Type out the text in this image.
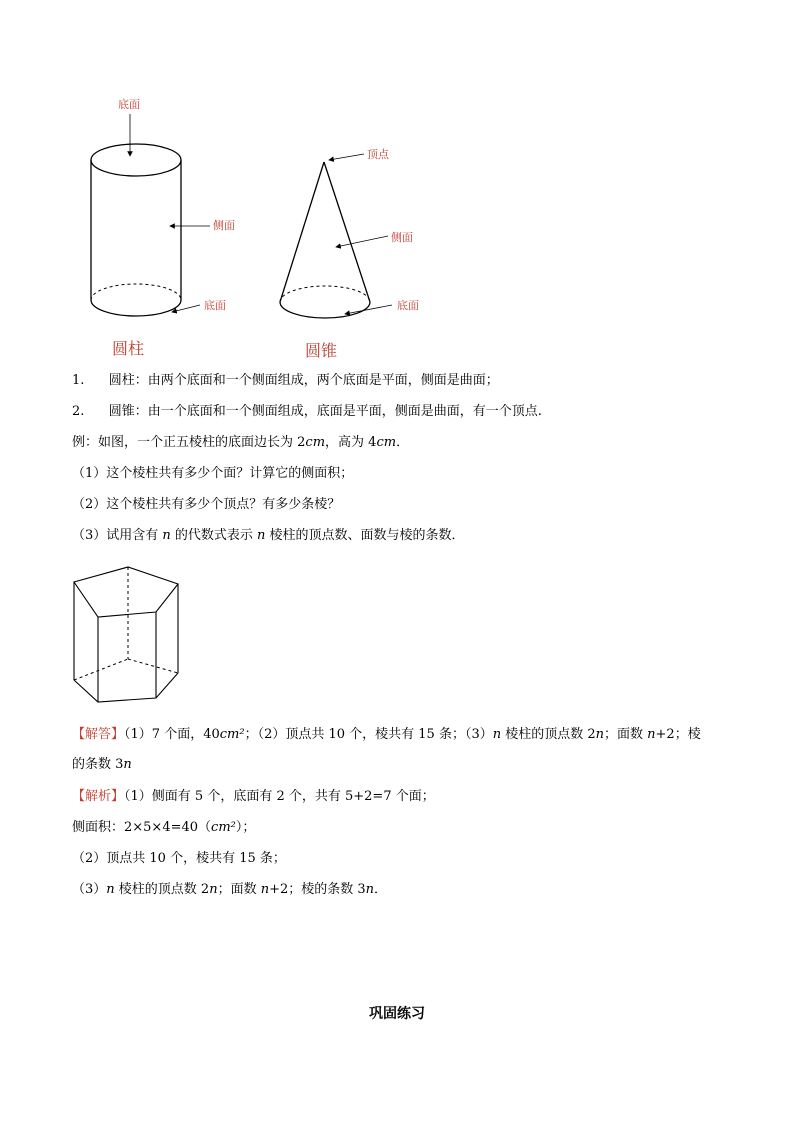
底面
侧面
底面
圆柱
顶点
侧面
底面
圆锥
1. 圆柱：由两个底面和一个侧面组成，两个底面是平面，侧面是曲面；
2. 圆锥：由一个底面和一个侧面组成，底面是平面，侧面是曲面，有一个顶点.
例：如图，一个正五棱柱的底面边长为 2cm，高为 4cm．
（1）这个棱柱共有多少个面？计算它的侧面积；
（2）这个棱柱共有多少个顶点？有多少条棱？
（3）试用含有 n 的代数式表示 n 棱柱的顶点数、面数与棱的条数．
【解答】（1）7 个面，40cm²；（2）顶点共 10 个，棱共有 15 条；（3）n 棱柱的顶点数 2n；面数 n+2；棱
的条数 3n
【解析】（1）侧面有 5 个，底面有 2 个，共有 5+2=7 个面；
侧面积：2×5×4=40（cm²）；
（2）顶点共 10 个，棱共有 15 条；
（3）n 棱柱的顶点数 2n；面数 n+2；棱的条数 3n．
巩固练习
